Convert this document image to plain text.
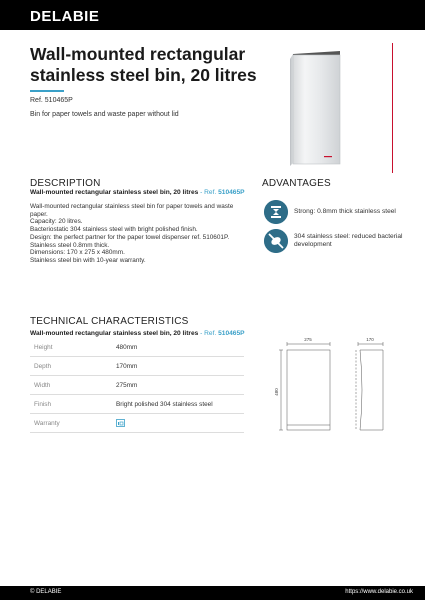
DELABIE
Wall-mounted rectangular stainless steel bin, 20 litres
Ref. 510465P
Bin for paper towels and waste paper without lid
DESCRIPTION
Wall-mounted rectangular stainless steel bin, 20 litres - Ref. 510465P

Wall-mounted rectangular stainless steel bin for paper towels and waste paper.

Capacity: 20 litres.

Bacteriostatic 304 stainless steel with bright polished finish.

Design: the perfect partner for the paper towel dispenser ref. 510601P.

Stainless steel 0.8mm thick.

Dimensions: 170 x 275 x 480mm.

Stainless steel bin with 10-year warranty.

ADVANTAGES
Strong: 0.8mm thick stainless steel
304 stainless steel: reduced bacterial development
TECHNICAL CHARACTERISTICS
Wall-mounted rectangular stainless steel bin, 20 litres - Ref. 510465P
Height	480mm
Depth	170mm
Width	275mm
Finish	Bright polished 304 stainless steel
Warranty
275	170
480
© DELABIE	https://www.delabie.co.uk
